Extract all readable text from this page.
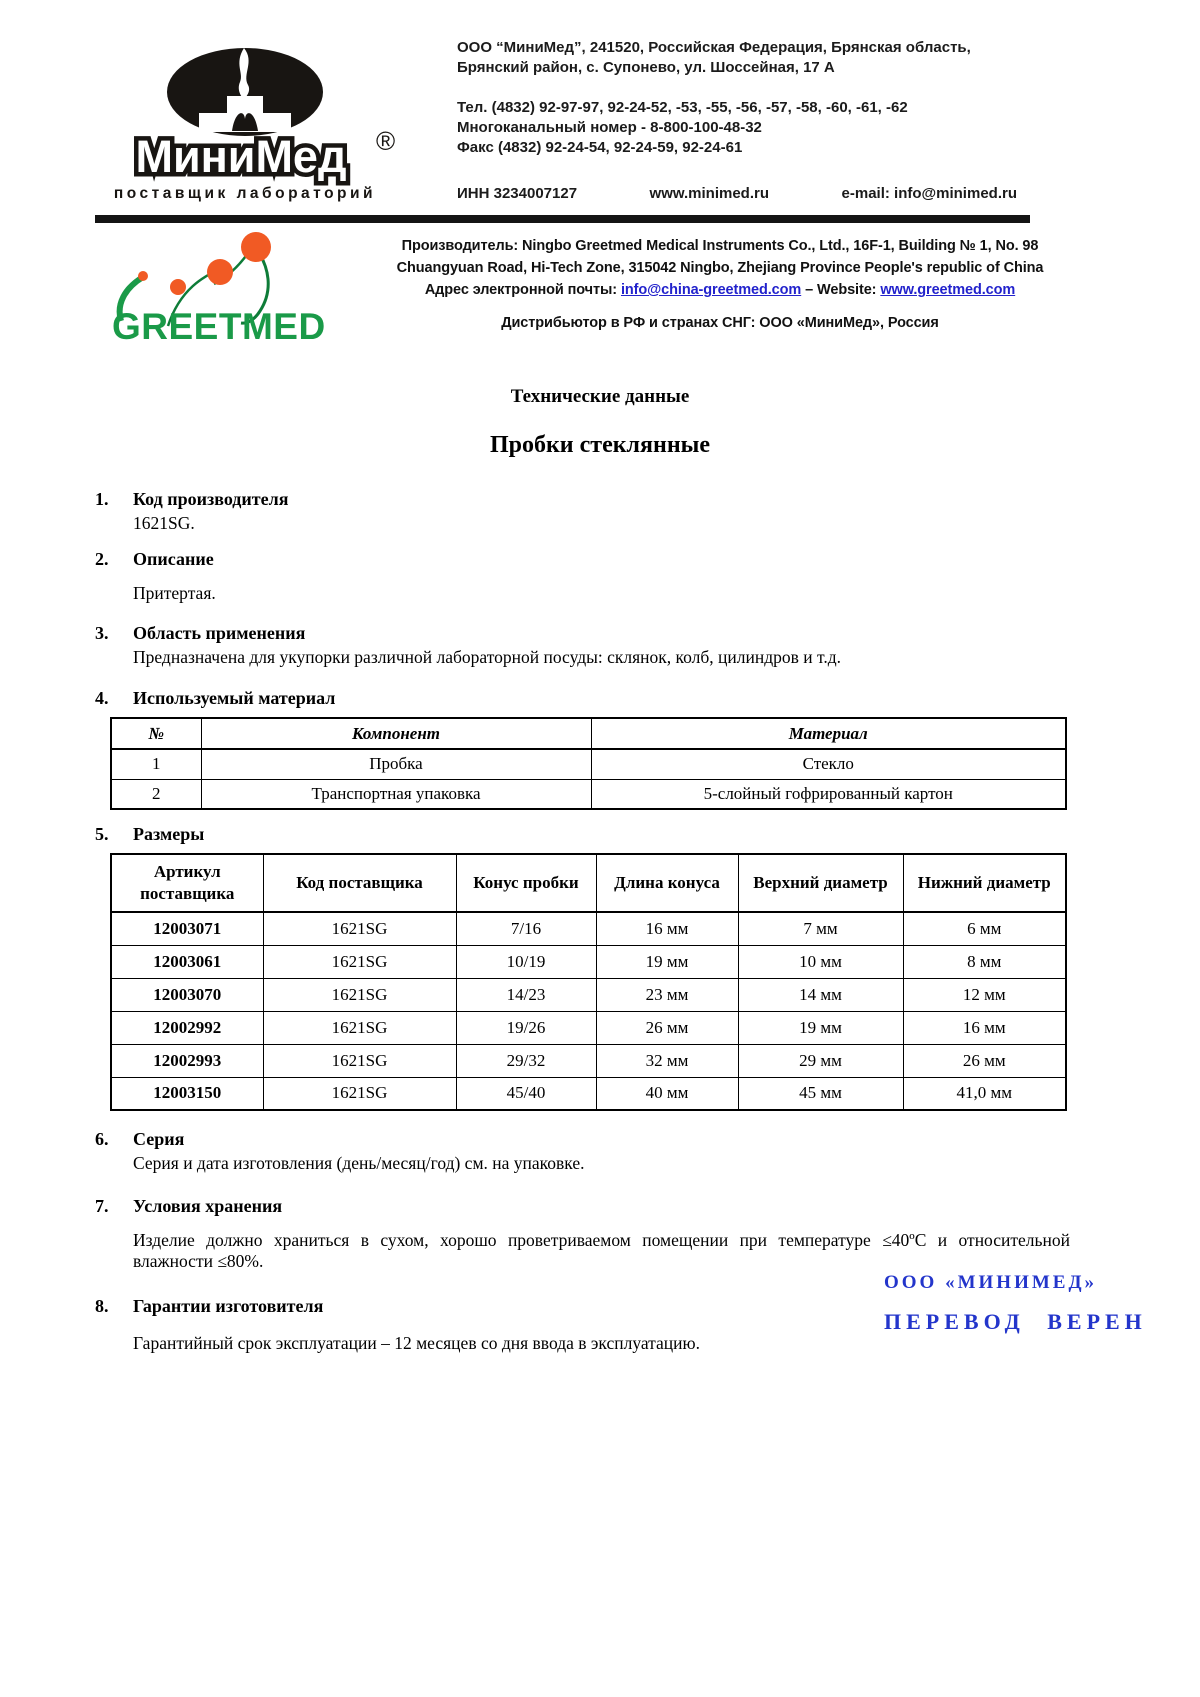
МиниМед ®
поставщик лабораторий
ООО “МиниМед”, 241520, Российская Федерация, Брянская область,
Брянский район, с. Супонево, ул. Шоссейная, 17 А
Тел. (4832) 92-97-97, 92-24-52, -53, -55, -56, -57, -58, -60, -61, -62
Многоканальный номер - 8-800-100-48-32
Факс (4832) 92-24-54, 92-24-59, 92-24-61
ИНН 3234007127	www.minimed.ru	e-mail: info@minimed.ru
GREETMED
Производитель: Ningbo Greetmed Medical Instruments Co., Ltd., 16F-1, Building № 1, No. 98
Chuangyuan Road, Hi-Tech Zone, 315042 Ningbo, Zhejiang Province People's republic of China
Адрес электронной почты: info@china-greetmed.com – Website: www.greetmed.com
Дистрибьютор в РФ и странах СНГ: ООО «МиниМед», Россия
Технические данные
Пробки стеклянные
1. Код производителя

1621SG.

2. Описание

Притертая.

3. Область применения

Предназначена для укупорки различной лабораторной посуды: склянок, колб, цилиндров и т.д.

4. Используемый материал
№	Компонент	Материал
1	Пробка	Стекло
2	Транспортная упаковка	5-слойный гофрированный картон
5. Размеры
Артикул поставщика	Код поставщика	Конус пробки	Длина конуса	Верхний диаметр	Нижний диаметр
12003071	1621SG	7/16	16 мм	7 мм	6 мм
12003061	1621SG	10/19	19 мм	10 мм	8 мм
12003070	1621SG	14/23	23 мм	14 мм	12 мм
12002992	1621SG	19/26	26 мм	19 мм	16 мм
12002993	1621SG	29/32	32 мм	29 мм	26 мм
12003150	1621SG	45/40	40 мм	45 мм	41,0 мм
6. Серия

Серия и дата изготовления (день/месяц/год) см. на упаковке.

7. Условия хранения

Изделие должно храниться в сухом, хорошо проветриваемом помещении при температуре ≤40ºС и относительной влажности ≤80%.

8. Гарантии изготовителя

Гарантийный срок эксплуатации – 12 месяцев со дня ввода в эксплуатацию.

ООО «МИНИМЕД»
ПЕРЕВОД ВЕРЕН
